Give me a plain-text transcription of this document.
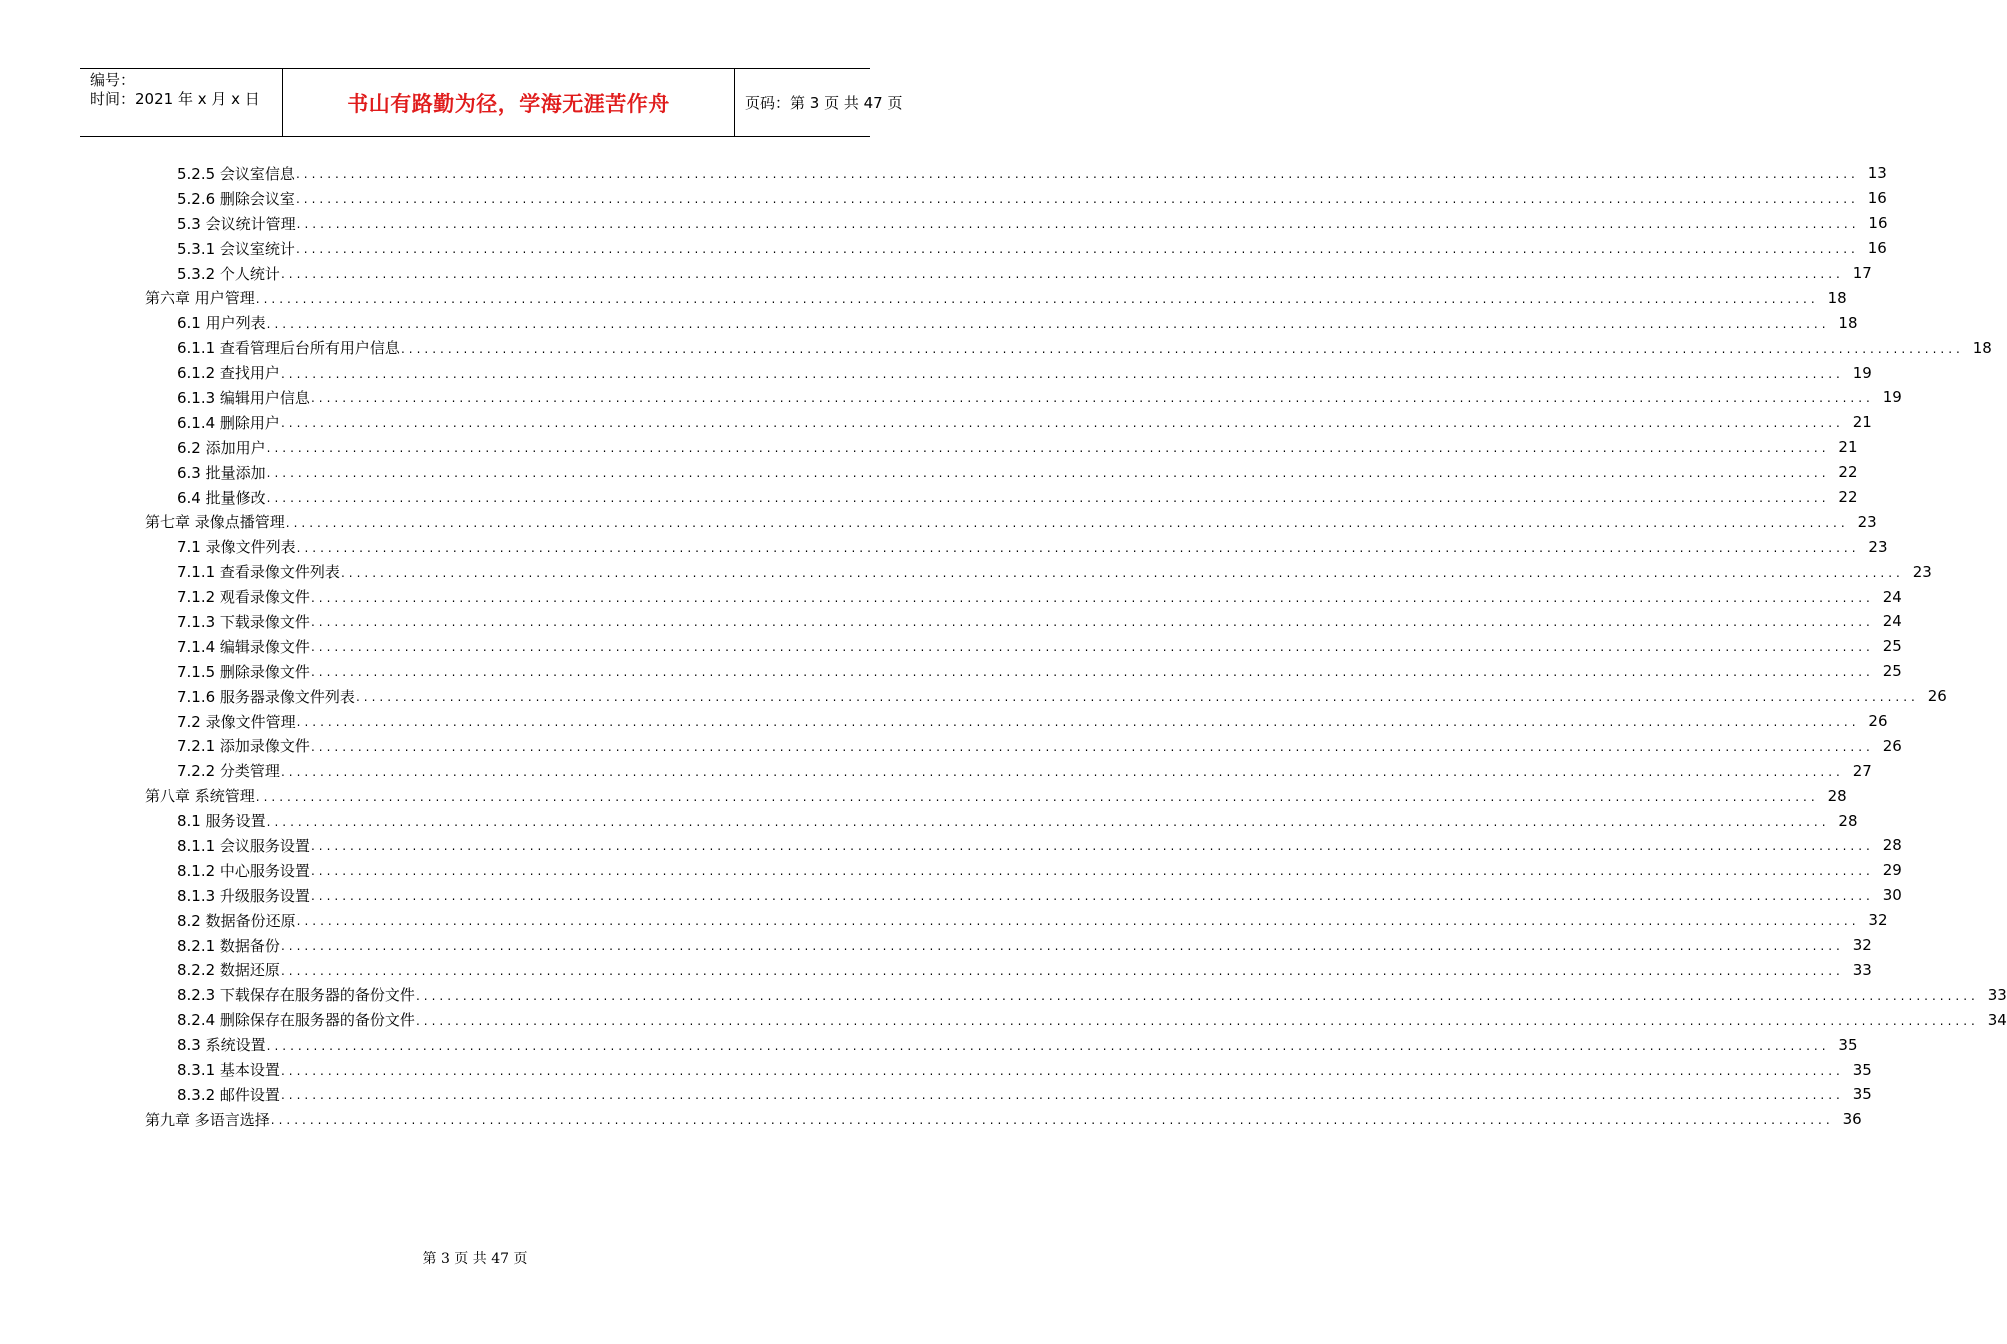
编号：
时间：2021 年 x 月 x 日	书山有路勤为径，学海无涯苦作舟	页码：第 3 页 共 47 页
5.2.5 会议室信息 ........................................................................................................................................................................................................ 13
5.2.6 删除会议室 ........................................................................................................................................................................................................ 16
5.3 会议统计管理 ........................................................................................................................................................................................................ 16
5.3.1 会议室统计 ........................................................................................................................................................................................................ 16
5.3.2 个人统计 ........................................................................................................................................................................................................ 17
第六章 用户管理 ........................................................................................................................................................................................................ 18
6.1 用户列表 ........................................................................................................................................................................................................ 18
6.1.1 查看管理后台所有用户信息 ........................................................................................................................................................................................................ 18
6.1.2 查找用户 ........................................................................................................................................................................................................ 19
6.1.3 编辑用户信息 ........................................................................................................................................................................................................ 19
6.1.4 删除用户 ........................................................................................................................................................................................................ 21
6.2 添加用户 ........................................................................................................................................................................................................ 21
6.3 批量添加 ........................................................................................................................................................................................................ 22
6.4 批量修改 ........................................................................................................................................................................................................ 22
第七章 录像点播管理 ........................................................................................................................................................................................................ 23
7.1 录像文件列表 ........................................................................................................................................................................................................ 23
7.1.1 查看录像文件列表 ........................................................................................................................................................................................................ 23
7.1.2 观看录像文件 ........................................................................................................................................................................................................ 24
7.1.3 下载录像文件 ........................................................................................................................................................................................................ 24
7.1.4 编辑录像文件 ........................................................................................................................................................................................................ 25
7.1.5 删除录像文件 ........................................................................................................................................................................................................ 25
7.1.6 服务器录像文件列表 ........................................................................................................................................................................................................ 26
7.2 录像文件管理 ........................................................................................................................................................................................................ 26
7.2.1 添加录像文件 ........................................................................................................................................................................................................ 26
7.2.2 分类管理 ........................................................................................................................................................................................................ 27
第八章 系统管理 ........................................................................................................................................................................................................ 28
8.1 服务设置 ........................................................................................................................................................................................................ 28
8.1.1 会议服务设置 ........................................................................................................................................................................................................ 28
8.1.2 中心服务设置 ........................................................................................................................................................................................................ 29
8.1.3 升级服务设置 ........................................................................................................................................................................................................ 30
8.2 数据备份还原 ........................................................................................................................................................................................................ 32
8.2.1 数据备份 ........................................................................................................................................................................................................ 32
8.2.2 数据还原 ........................................................................................................................................................................................................ 33
8.2.3 下载保存在服务器的备份文件 ........................................................................................................................................................................................................ 33
8.2.4 删除保存在服务器的备份文件 ........................................................................................................................................................................................................ 34
8.3 系统设置 ........................................................................................................................................................................................................ 35
8.3.1 基本设置 ........................................................................................................................................................................................................ 35
8.3.2 邮件设置 ........................................................................................................................................................................................................ 35
第九章 多语言选择 ........................................................................................................................................................................................................ 36
第 3 页 共 47 页
